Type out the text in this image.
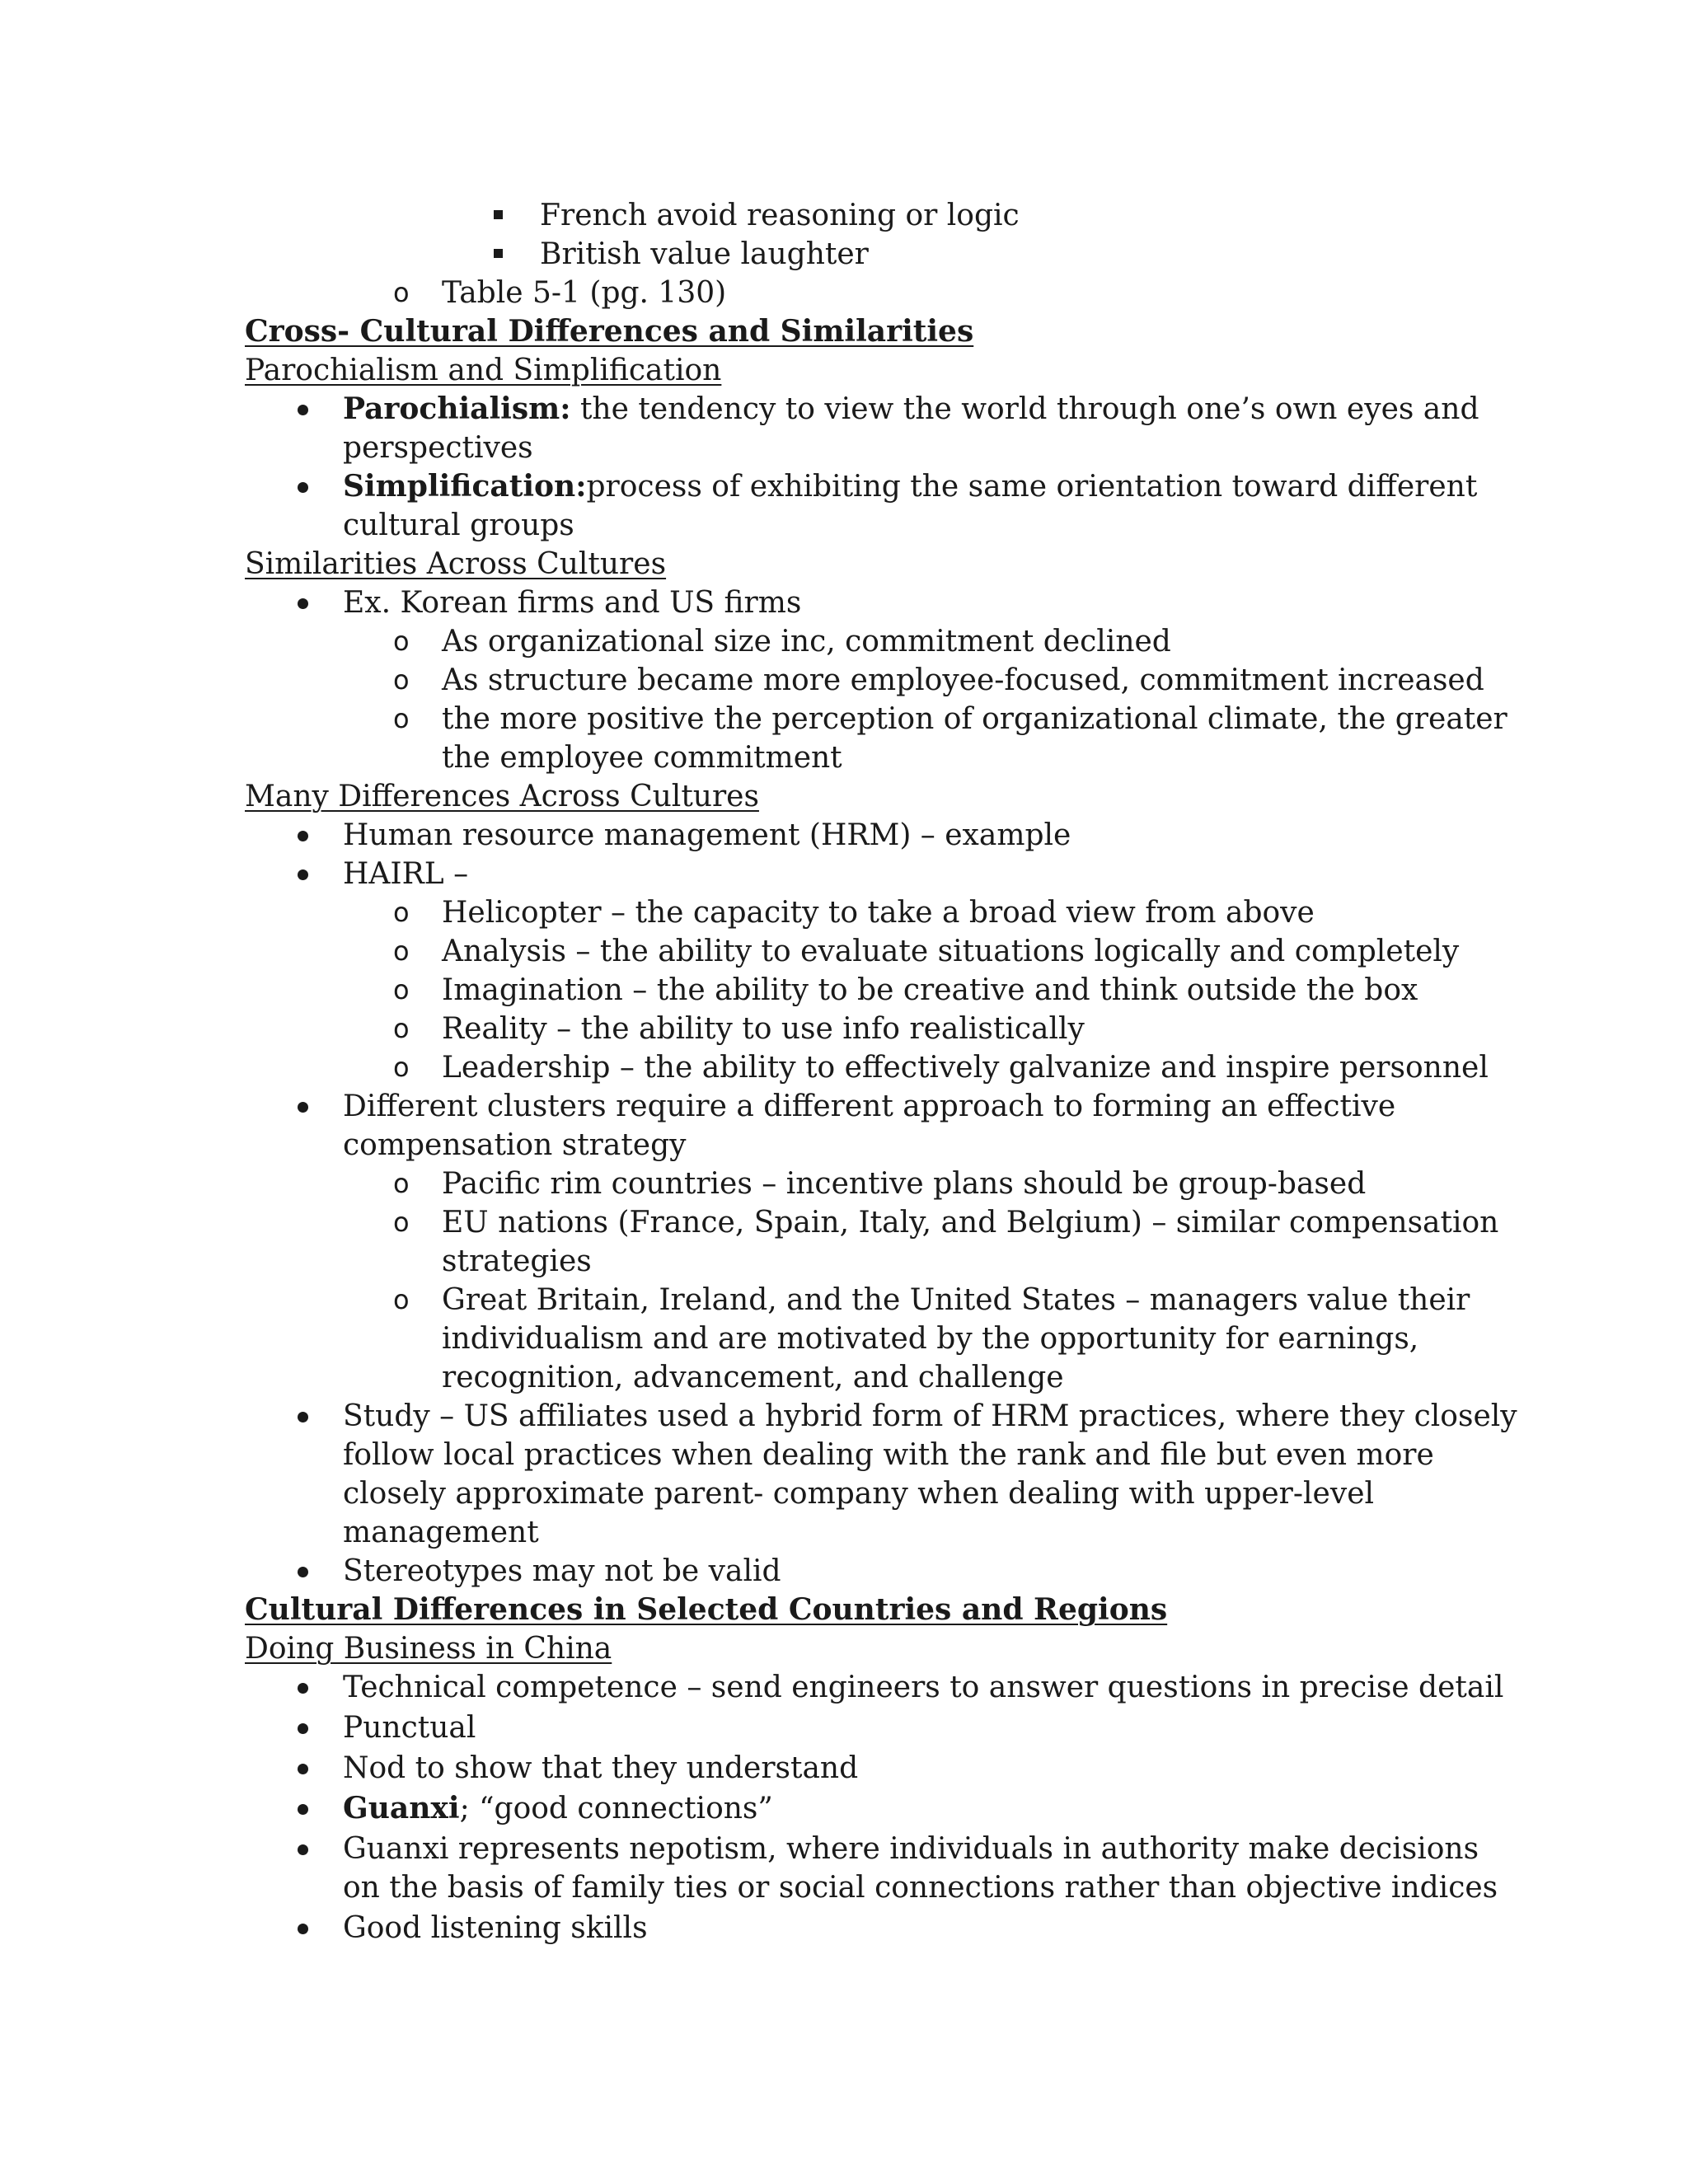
French avoid reasoning or logic
British value laughter
o Table 5-1 (pg. 130)
Cross- Cultural Differences and Similarities
Parochialism and Simplification
Parochialism: the tendency to view the world through one’s own eyes and
perspectives
Simplification:process of exhibiting the same orientation toward different
cultural groups
Similarities Across Cultures
Ex. Korean firms and US firms
o As organizational size inc, commitment declined
o As structure became more employee-focused, commitment increased
o the more positive the perception of organizational climate, the greater
the employee commitment
Many Differences Across Cultures
Human resource management (HRM) – example
HAIRL –
o Helicopter – the capacity to take a broad view from above
o Analysis – the ability to evaluate situations logically and completely
o Imagination – the ability to be creative and think outside the box
o Reality – the ability to use info realistically
o Leadership – the ability to effectively galvanize and inspire personnel
Different clusters require a different approach to forming an effective
compensation strategy
o Pacific rim countries – incentive plans should be group-based
o EU nations (France, Spain, Italy, and Belgium) – similar compensation
strategies
o Great Britain, Ireland, and the United States – managers value their
individualism and are motivated by the opportunity for earnings,
recognition, advancement, and challenge
Study – US affiliates used a hybrid form of HRM practices, where they closely
follow local practices when dealing with the rank and file but even more
closely approximate parent- company when dealing with upper-level
management
Stereotypes may not be valid
Cultural Differences in Selected Countries and Regions
Doing Business in China
Technical competence – send engineers to answer questions in precise detail
Punctual
Nod to show that they understand
Guanxi; “good connections”
Guanxi represents nepotism, where individuals in authority make decisions
on the basis of family ties or social connections rather than objective indices
Good listening skills
